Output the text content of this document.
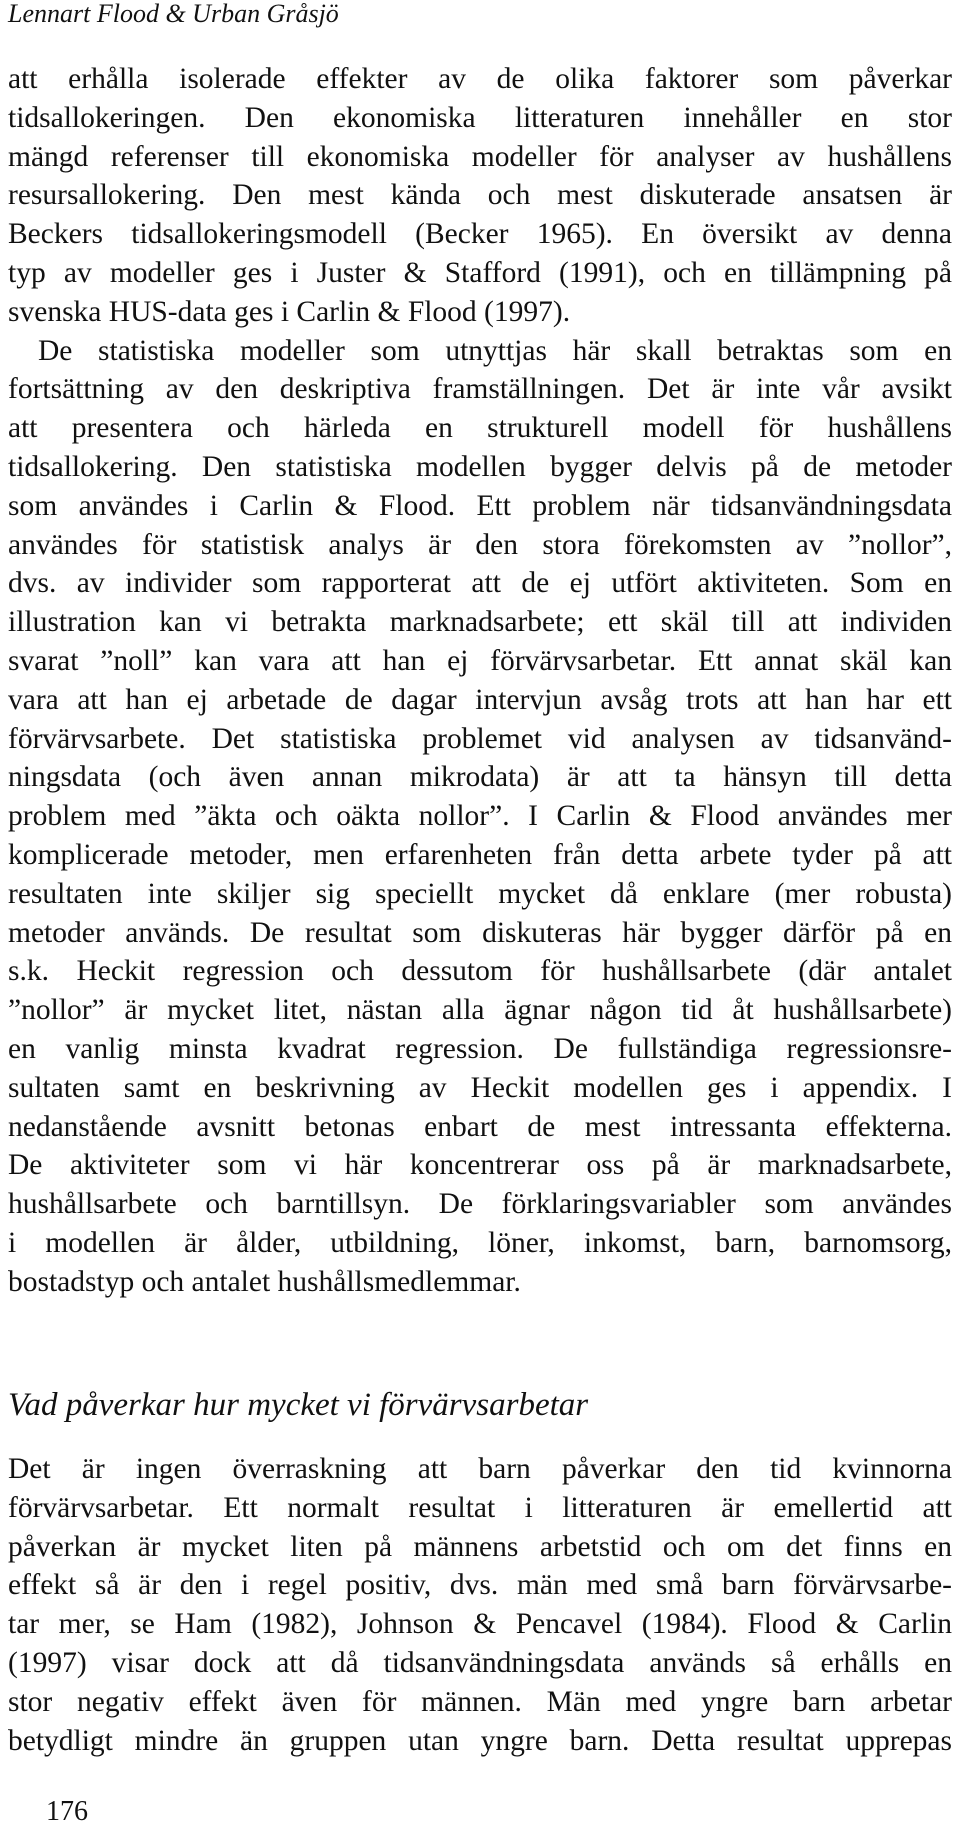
Lennart Flood & Urban Gråsjö
att erhålla isolerade effekter av de olika faktorer som påverkar
tidsallokeringen. Den ekonomiska litteraturen innehåller en stor
mängd referenser till ekonomiska modeller för analyser av hushållens
resursallokering. Den mest kända och mest diskuterade ansatsen är
Beckers tidsallokeringsmodell (Becker 1965). En översikt av denna
typ av modeller ges i Juster & Stafford (1991), och en tillämpning på
svenska HUS-data ges i Carlin & Flood (1997).
De statistiska modeller som utnyttjas här skall betraktas som en
fortsättning av den deskriptiva framställningen. Det är inte vår avsikt
att presentera och härleda en strukturell modell för hushållens
tidsallokering. Den statistiska modellen bygger delvis på de metoder
som användes i Carlin & Flood. Ett problem när tidsanvändningsdata
användes för statistisk analys är den stora förekomsten av ”nollor”,
dvs. av individer som rapporterat att de ej utfört aktiviteten. Som en
illustration kan vi betrakta marknadsarbete; ett skäl till att individen
svarat ”noll” kan vara att han ej förvärvsarbetar. Ett annat skäl kan
vara att han ej arbetade de dagar intervjun avsåg trots att han har ett
förvärvsarbete. Det statistiska problemet vid analysen av tidsanvänd-
ningsdata (och även annan mikrodata) är att ta hänsyn till detta
problem med ”äkta och oäkta nollor”. I Carlin & Flood användes mer
komplicerade metoder, men erfarenheten från detta arbete tyder på att
resultaten inte skiljer sig speciellt mycket då enklare (mer robusta)
metoder används. De resultat som diskuteras här bygger därför på en
s.k. Heckit regression och dessutom för hushållsarbete (där antalet
”nollor” är mycket litet, nästan alla ägnar någon tid åt hushållsarbete)
en vanlig minsta kvadrat regression. De fullständiga regressionsre-
sultaten samt en beskrivning av Heckit modellen ges i appendix. I
nedanstående avsnitt betonas enbart de mest intressanta effekterna.
De aktiviteter som vi här koncentrerar oss på är marknadsarbete,
hushållsarbete och barntillsyn. De förklaringsvariabler som användes
i modellen är ålder, utbildning, löner, inkomst, barn, barnomsorg,
bostadstyp och antalet hushållsmedlemmar.
Vad påverkar hur mycket vi förvärvsarbetar
Det är ingen överraskning att barn påverkar den tid kvinnorna
förvärvsarbetar. Ett normalt resultat i litteraturen är emellertid att
påverkan är mycket liten på männens arbetstid och om det finns en
effekt så är den i regel positiv, dvs. män med små barn förvärvsarbe-
tar mer, se Ham (1982), Johnson & Pencavel (1984). Flood & Carlin
(1997) visar dock att då tidsanvändningsdata används så erhålls en
stor negativ effekt även för männen. Män med yngre barn arbetar
betydligt mindre än gruppen utan yngre barn. Detta resultat upprepas
176
